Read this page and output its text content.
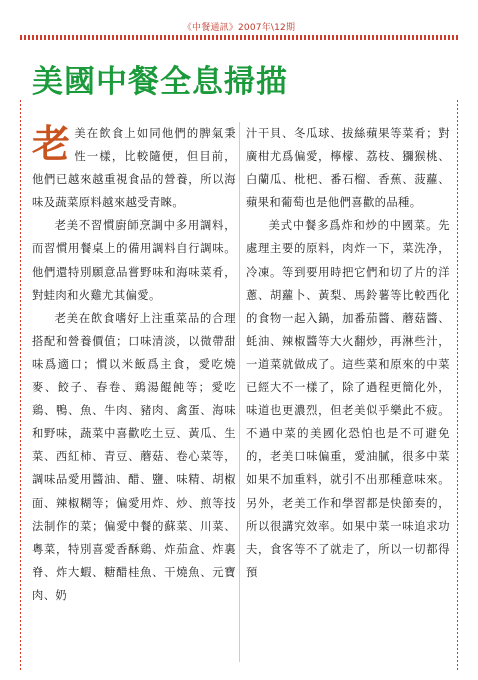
《中餐通訊》2007年\12期
美國中餐全息掃描

老美在飲食上如同他們的脾氣秉性一樣，比較隨便，但目前，他們已越來越重視食品的營養，所以海味及蔬菜原料越來越受青睞。

老美不習慣廚師烹調中多用調料，而習慣用餐桌上的備用調料自行調味。他們還特別願意品嘗野味和海味菜肴，對蛙肉和火雞尤其偏愛。

老美在飲食嗜好上注重菜品的合理搭配和營養價值；口味清淡，以微帶甜味爲適口；慣以米飯爲主食，愛吃燒麥、餃子、春卷、鶏湯餛飩等；愛吃鶏、鴨、魚、牛肉、豬肉、禽蛋、海味和野味，蔬菜中喜歡吃土豆、黃瓜、生菜、西紅柿、青豆、蘑菇、卷心菜等，調味品愛用醬油、醋、鹽、味精、胡椒面、辣椒糊等；偏愛用炸、炒、煎等技法制作的菜；偏愛中餐的蘇菜、川菜、粵菜，特別喜愛香酥鶏、炸茄盒、炸裏脊、炸大蝦、糖醋桂魚、干燒魚、元寶肉、奶

汁干貝、冬瓜球、拔絲蘋果等菜肴；對廣柑尤爲偏愛，檸檬、荔枝、獼猴桃、白蘭瓜、枇杷、番石榴、香蕉、菠蘿、蘋果和葡萄也是他們喜歡的品種。

美式中餐多爲炸和炒的中國菜。先處理主要的原料，肉炸一下，菜洗净，冷凍。等到要用時把它們和切了片的洋蔥、胡蘿卜、黃梨、馬鈴薯等比較西化的食物一起入鍋，加番茄醬、蘑菇醬、蚝油、辣椒醬等大火翻炒，再淋些汁，一道菜就做成了。這些菜和原來的中菜已經大不一樣了，除了過程更簡化外，味道也更濃烈，但老美似乎樂此不疲。不過中菜的美國化恐怕也是不可避免的，老美口味偏重，愛油膩，很多中菜如果不加重料，就引不出那種意味來。另外，老美工作和學習都是快節奏的，所以很講究效率。如果中菜一味追求功夫，食客等不了就走了，所以一切都得預
